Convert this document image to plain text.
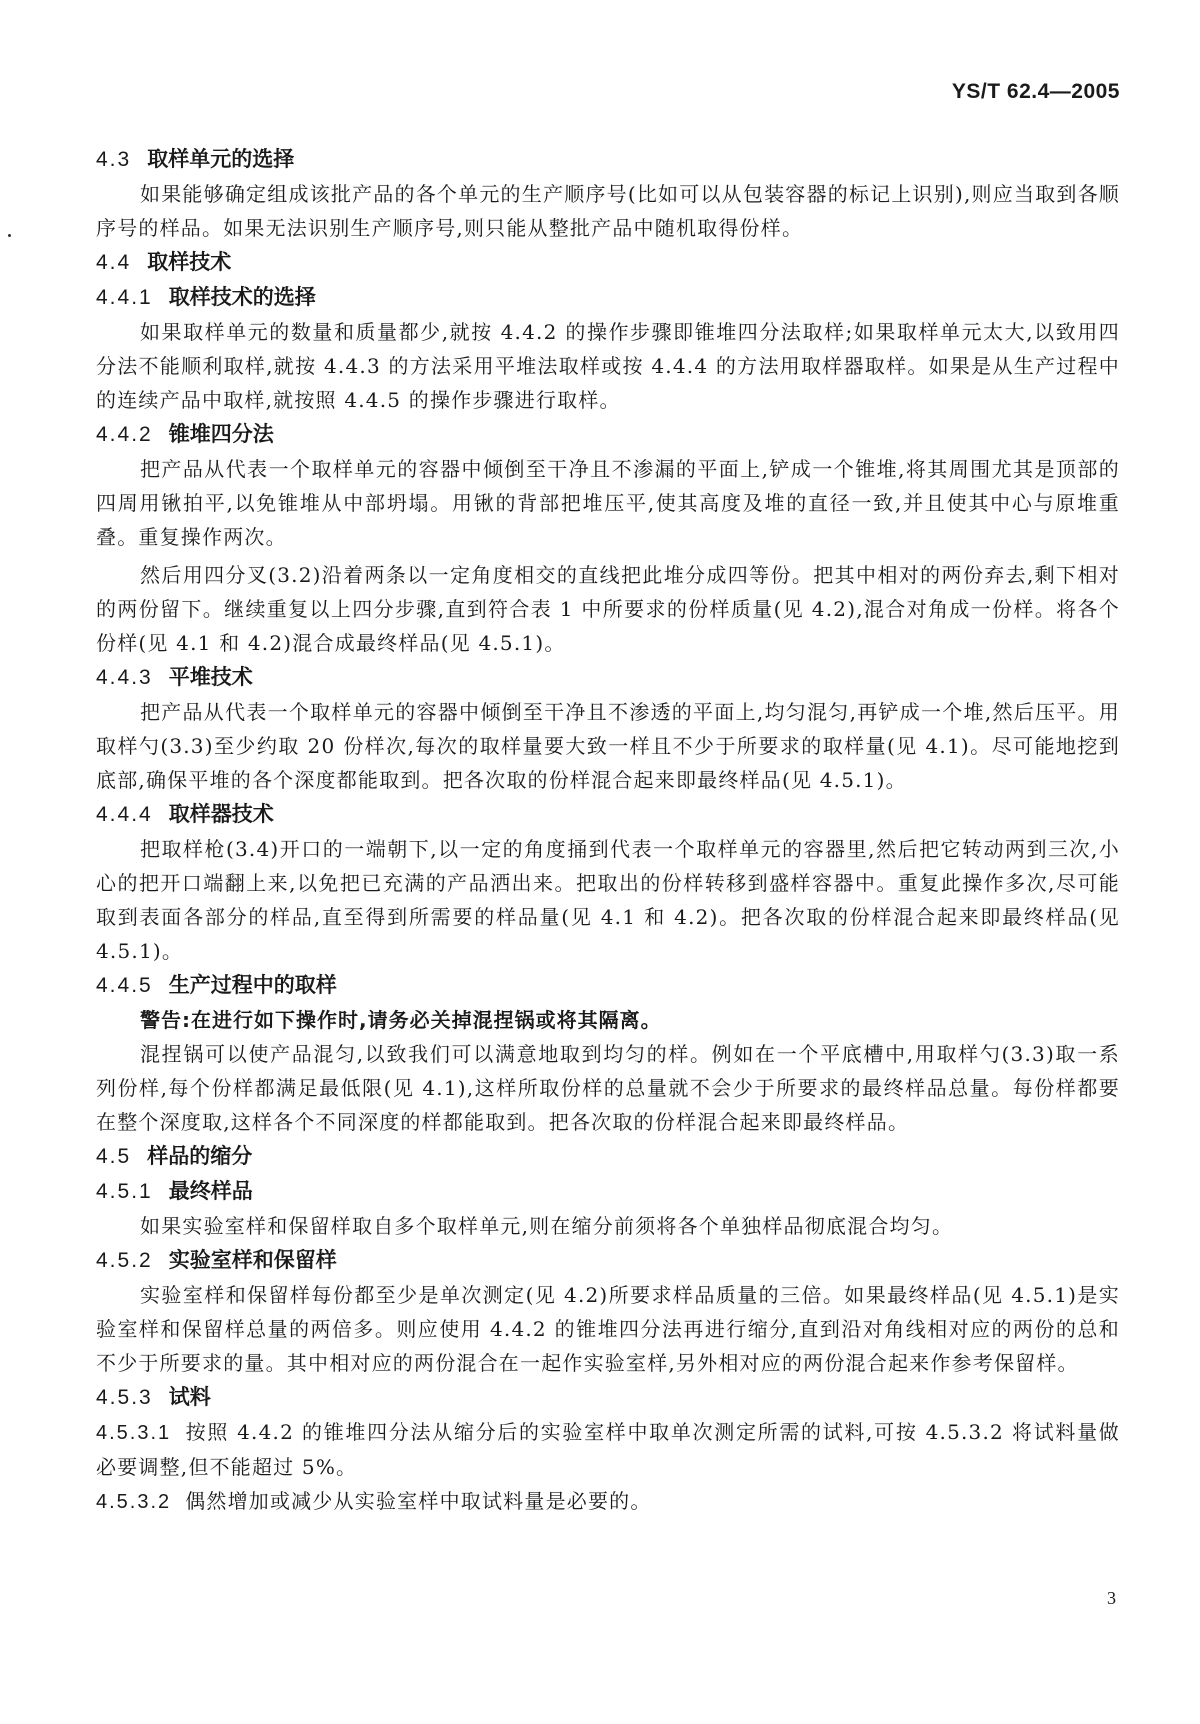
YS/T 62.4—2005

4.3 取样单元的选择

如果能够确定组成该批产品的各个单元的生产顺序号(比如可以从包装容器的标记上识别),则应当取到各顺序号的样品。如果无法识别生产顺序号,则只能从整批产品中随机取得份样。

4.4 取样技术

4.4.1 取样技术的选择

如果取样单元的数量和质量都少,就按 4.4.2 的操作步骤即锥堆四分法取样;如果取样单元太大,以致用四分法不能顺利取样,就按 4.4.3 的方法采用平堆法取样或按 4.4.4 的方法用取样器取样。如果是从生产过程中的连续产品中取样,就按照 4.4.5 的操作步骤进行取样。

4.4.2 锥堆四分法

把产品从代表一个取样单元的容器中倾倒至干净且不渗漏的平面上,铲成一个锥堆,将其周围尤其是顶部的四周用锹拍平,以免锥堆从中部坍塌。用锹的背部把堆压平,使其高度及堆的直径一致,并且使其中心与原堆重叠。重复操作两次。

然后用四分叉(3.2)沿着两条以一定角度相交的直线把此堆分成四等份。把其中相对的两份弃去,剩下相对的两份留下。继续重复以上四分步骤,直到符合表 1 中所要求的份样质量(见 4.2),混合对角成一份样。将各个份样(见 4.1 和 4.2)混合成最终样品(见 4.5.1)。

4.4.3 平堆技术

把产品从代表一个取样单元的容器中倾倒至干净且不渗透的平面上,均匀混匀,再铲成一个堆,然后压平。用取样勺(3.3)至少约取 20 份样次,每次的取样量要大致一样且不少于所要求的取样量(见 4.1)。尽可能地挖到底部,确保平堆的各个深度都能取到。把各次取的份样混合起来即最终样品(见 4.5.1)。

4.4.4 取样器技术

把取样枪(3.4)开口的一端朝下,以一定的角度捅到代表一个取样单元的容器里,然后把它转动两到三次,小心的把开口端翻上来,以免把已充满的产品洒出来。把取出的份样转移到盛样容器中。重复此操作多次,尽可能取到表面各部分的样品,直至得到所需要的样品量(见 4.1 和 4.2)。把各次取的份样混合起来即最终样品(见 4.5.1)。

4.4.5 生产过程中的取样

警告:在进行如下操作时,请务必关掉混捏锅或将其隔离。

混捏锅可以使产品混匀,以致我们可以满意地取到均匀的样。例如在一个平底槽中,用取样勺(3.3)取一系列份样,每个份样都满足最低限(见 4.1),这样所取份样的总量就不会少于所要求的最终样品总量。每份样都要在整个深度取,这样各个不同深度的样都能取到。把各次取的份样混合起来即最终样品。

4.5 样品的缩分

4.5.1 最终样品

如果实验室样和保留样取自多个取样单元,则在缩分前须将各个单独样品彻底混合均匀。

4.5.2 实验室样和保留样

实验室样和保留样每份都至少是单次测定(见 4.2)所要求样品质量的三倍。如果最终样品(见 4.5.1)是实验室样和保留样总量的两倍多。则应使用 4.4.2 的锥堆四分法再进行缩分,直到沿对角线相对应的两份的总和不少于所要求的量。其中相对应的两份混合在一起作实验室样,另外相对应的两份混合起来作参考保留样。

4.5.3 试料

4.5.3.1 按照 4.4.2 的锥堆四分法从缩分后的实验室样中取单次测定所需的试料,可按 4.5.3.2 将试料量做必要调整,但不能超过 5%。

4.5.3.2 偶然增加或减少从实验室样中取试料量是必要的。

3
